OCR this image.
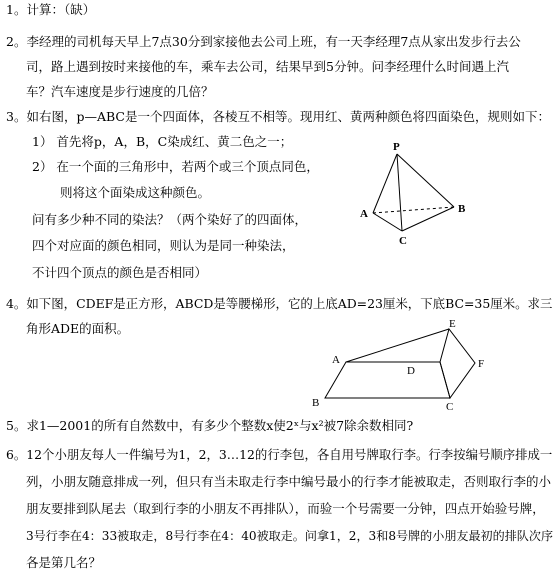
1。计算：（缺）
2。李经理的司机每天早上7点30分到家接他去公司上班，有一天李经理7点从家出发步行去公
司，路上遇到按时来接他的车，乘车去公司，结果早到5分钟。问李经理什么时间遇上汽
车？汽车速度是步行速度的几倍？
3。如右图，p—ABC是一个四面体，各棱互不相等。现用红、黄两种颜色将四面染色，规则如下：
1） 首先将p，A，B，C染成红、黄二色之一；
2） 在一个面的三角形中，若两个或三个顶点同色，
则将这个面染成这种颜色。
问有多少种不同的染法？（两个染好了的四面体，
四个对应面的颜色相同，则认为是同一种染法，
不计四个顶点的颜色是否相同）
P
A	B
C
4。如下图，CDEF是正方形，ABCD是等腰梯形，它的上底AD=23厘米，下底BC=35厘米。求三
角形ADE的面积。
A
B	C
D
E
F
5。求1—2001的所有自然数中，有多少个整数x使2ˣ与x²被7除余数相同?
6。12个小朋友每人一件编号为1，2，3…12的行李包，各自用号牌取行李。行李按编号顺序排成一
列，小朋友随意排成一列，但只有当未取走行李中编号最小的行李才能被取走，否则取行李的小
朋友要排到队尾去（取到行李的小朋友不再排队），而验一个号需要一分钟，四点开始验号牌，
3号行李在4：33被取走，8号行李在4：40被取走。问拿1，2，3和8号牌的小朋友最初的排队次序
各是第几名？
